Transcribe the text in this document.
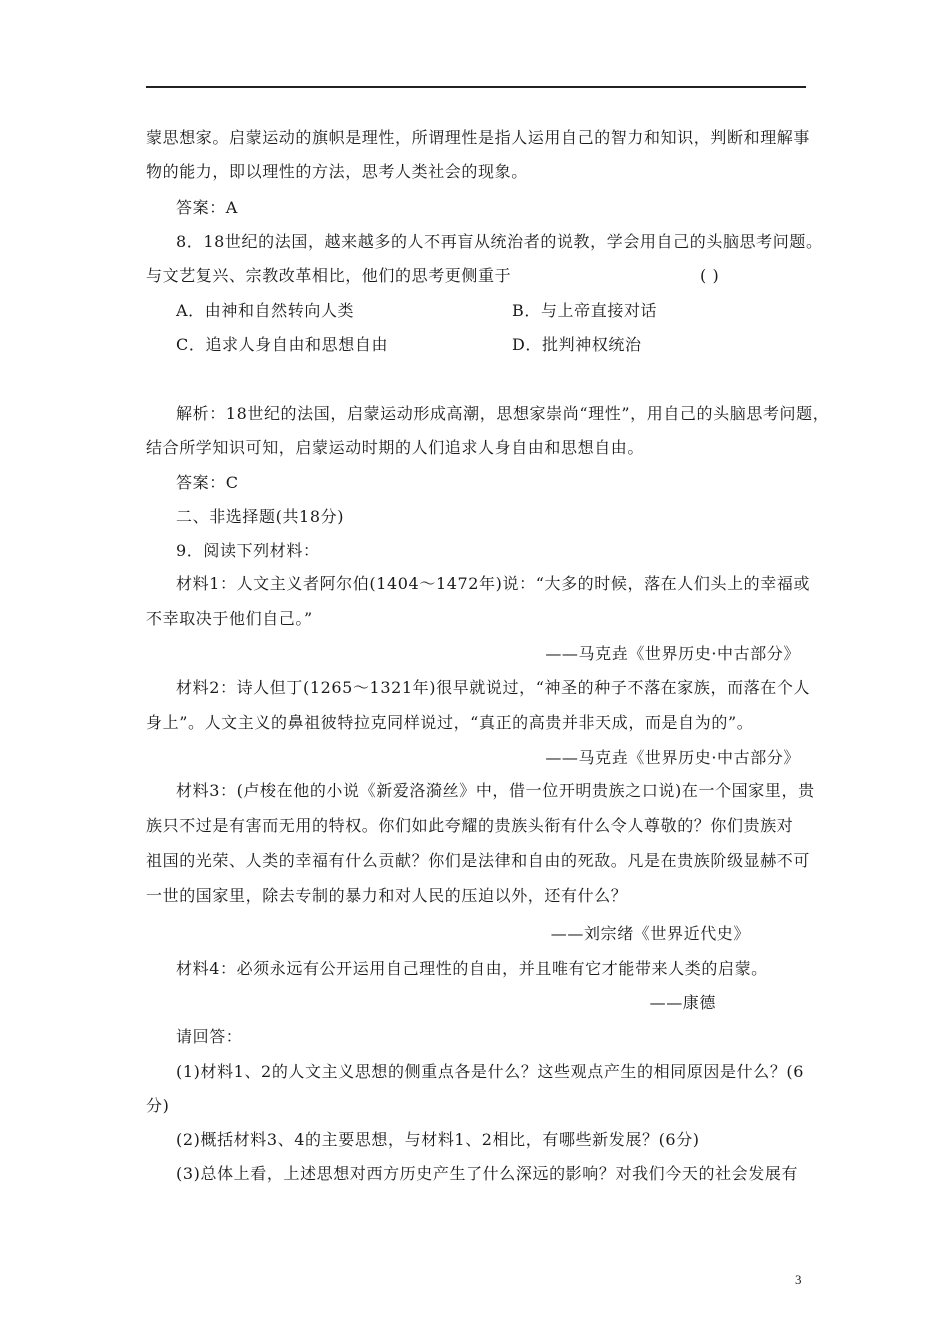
蒙思想家。启蒙运动的旗帜是理性，所谓理性是指人运用自己的智力和知识，判断和理解事
物的能力，即以理性的方法，思考人类社会的现象。
答案：A
8．18世纪的法国，越来越多的人不再盲从统治者的说教，学会用自己的头脑思考问题。
与文艺复兴、宗教改革相比，他们的思考更侧重于	( )
A．由神和自然转向人类	B．与上帝直接对话
C．追求人身自由和思想自由	D．批判神权统治
解析：18世纪的法国，启蒙运动形成高潮，思想家崇尚“理性”，用自己的头脑思考问题，
结合所学知识可知，启蒙运动时期的人们追求人身自由和思想自由。
答案：C
二、非选择题(共18分)
9．阅读下列材料：
材料1：人文主义者阿尔伯(1404～1472年)说：“大多的时候，落在人们头上的幸福或
不幸取决于他们自己。”
——马克垚《世界历史·中古部分》
材料2：诗人但丁(1265～1321年)很早就说过，“神圣的种子不落在家族，而落在个人
身上”。人文主义的鼻祖彼特拉克同样说过，“真正的高贵并非天成，而是自为的”。
——马克垚《世界历史·中古部分》
材料3：(卢梭在他的小说《新爱洛漪丝》中，借一位开明贵族之口说)在一个国家里，贵
族只不过是有害而无用的特权。你们如此夸耀的贵族头衔有什么令人尊敬的？你们贵族对
祖国的光荣、人类的幸福有什么贡献？你们是法律和自由的死敌。凡是在贵族阶级显赫不可
一世的国家里，除去专制的暴力和对人民的压迫以外，还有什么？
——刘宗绪《世界近代史》
材料4：必须永远有公开运用自己理性的自由，并且唯有它才能带来人类的启蒙。
——康德
请回答：
(1)材料1、2的人文主义思想的侧重点各是什么？这些观点产生的相同原因是什么？(6
分)
(2)概括材料3、4的主要思想，与材料1、2相比，有哪些新发展？(6分)
(3)总体上看，上述思想对西方历史产生了什么深远的影响？对我们今天的社会发展有
3
